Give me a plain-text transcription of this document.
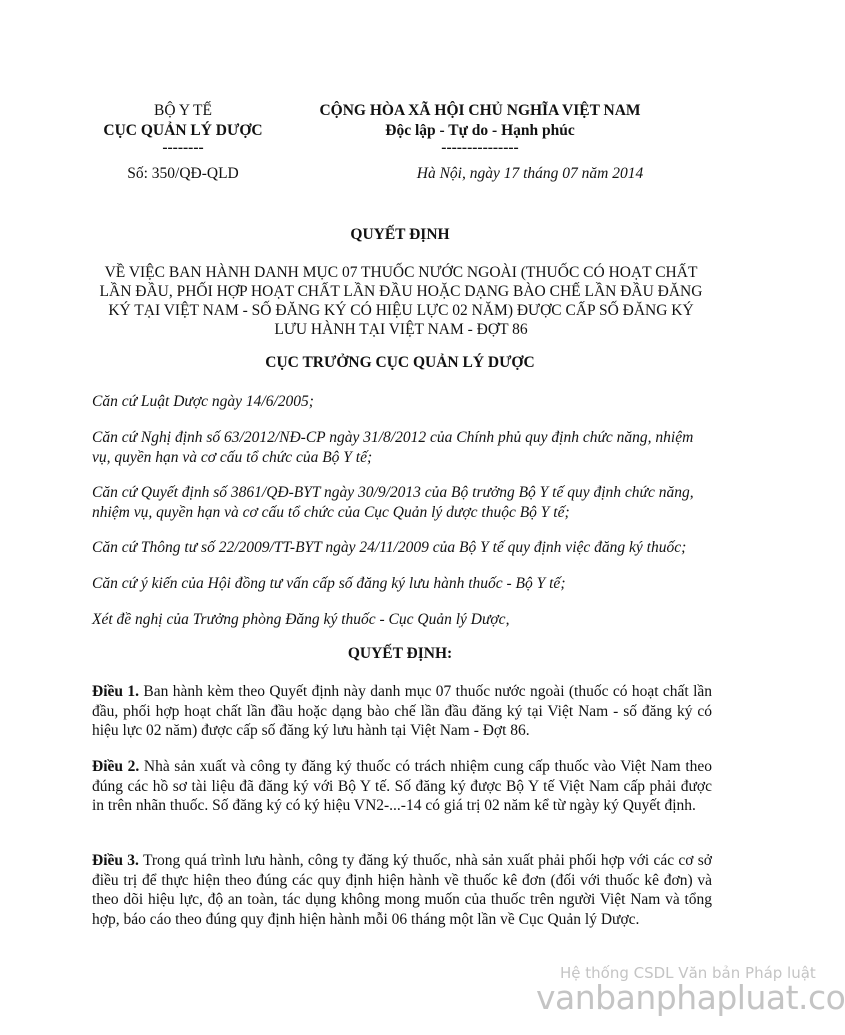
BỘ Y TẾ
CỤC QUẢN LÝ DƯỢC
--------
Số: 350/QĐ-QLD
CỘNG HÒA XÃ HỘI CHỦ NGHĨA VIỆT NAM
Độc lập - Tự do - Hạnh phúc
---------------
Hà Nội, ngày 17 tháng 07 năm 2014
QUYẾT ĐỊNH
VỀ VIỆC BAN HÀNH DANH MỤC 07 THUỐC NƯỚC NGOÀI (THUỐC CÓ HOẠT CHẤT LẦN ĐẦU, PHỐI HỢP HOẠT CHẤT LẦN ĐẦU HOẶC DẠNG BÀO CHẾ LẦN ĐẦU ĐĂNG KÝ TẠI VIỆT NAM - SỐ ĐĂNG KÝ CÓ HIỆU LỰC 02 NĂM) ĐƯỢC CẤP SỐ ĐĂNG KÝ LƯU HÀNH TẠI VIỆT NAM - ĐỢT 86
CỤC TRƯỞNG CỤC QUẢN LÝ DƯỢC
Căn cứ Luật Dược ngày 14/6/2005;
Căn cứ Nghị định số 63/2012/NĐ-CP ngày 31/8/2012 của Chính phủ quy định chức năng, nhiệm vụ, quyền hạn và cơ cấu tổ chức của Bộ Y tế;
Căn cứ Quyết định số 3861/QĐ-BYT ngày 30/9/2013 của Bộ trưởng Bộ Y tế quy định chức năng, nhiệm vụ, quyền hạn và cơ cấu tổ chức của Cục Quản lý dược thuộc Bộ Y tế;
Căn cứ Thông tư số 22/2009/TT-BYT ngày 24/11/2009 của Bộ Y tế quy định việc đăng ký thuốc;
Căn cứ ý kiến của Hội đồng tư vấn cấp số đăng ký lưu hành thuốc - Bộ Y tế;
Xét đề nghị của Trưởng phòng Đăng ký thuốc - Cục Quản lý Dược,
QUYẾT ĐỊNH:
Điều 1. Ban hành kèm theo Quyết định này danh mục 07 thuốc nước ngoài (thuốc có hoạt chất lần đầu, phối hợp hoạt chất lần đầu hoặc dạng bào chế lần đầu đăng ký tại Việt Nam - số đăng ký có hiệu lực 02 năm) được cấp số đăng ký lưu hành tại Việt Nam - Đợt 86.
Điều 2. Nhà sản xuất và công ty đăng ký thuốc có trách nhiệm cung cấp thuốc vào Việt Nam theo đúng các hồ sơ tài liệu đã đăng ký với Bộ Y tế. Số đăng ký được Bộ Y tế Việt Nam cấp phải được in trên nhãn thuốc. Số đăng ký có ký hiệu VN2-...-14 có giá trị 02 năm kể từ ngày ký Quyết định.
Điều 3. Trong quá trình lưu hành, công ty đăng ký thuốc, nhà sản xuất phải phối hợp với các cơ sở điều trị để thực hiện theo đúng các quy định hiện hành về thuốc kê đơn (đối với thuốc kê đơn) và theo dõi hiệu lực, độ an toàn, tác dụng không mong muốn của thuốc trên người Việt Nam và tổng hợp, báo cáo theo đúng quy định hiện hành mỗi 06 tháng một lần về Cục Quản lý Dược.
Hệ thống CSDL Văn bản Pháp luật
vanbanphapluat.co
